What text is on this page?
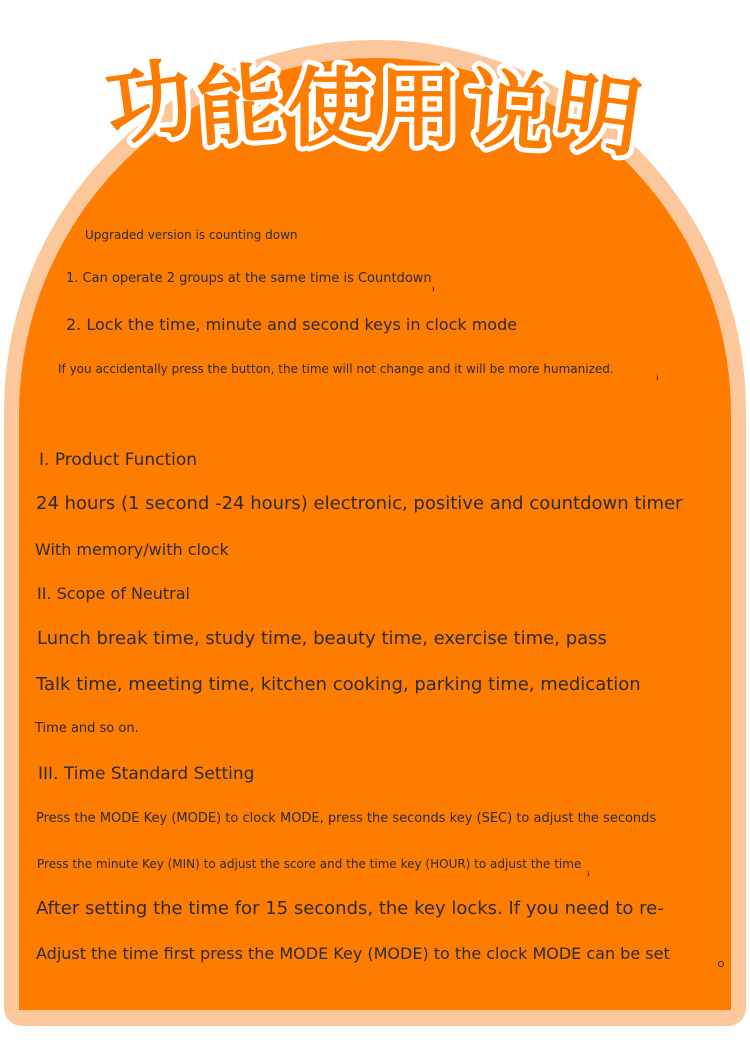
功能使用说明

Upgraded version is counting down

1. Can operate 2 groups at the same time is Countdown

2. Lock the time, minute and second keys in clock mode

If you accidentally press the button, the time will not change and it will be more humanized.

I. Product Function

24 hours (1 second -24 hours) electronic, positive and countdown timer

With memory/with clock

II. Scope of Neutral

Lunch break time, study time, beauty time, exercise time, pass

Talk time, meeting time, kitchen cooking, parking time, medication

Time and so on.

III. Time Standard Setting

Press the MODE Key (MODE) to clock MODE, press the seconds key (SEC) to adjust the seconds

Press the minute Key (MIN) to adjust the score and the time key (HOUR) to adjust the time

After setting the time for 15 seconds, the key locks. If you need to re-

Adjust the time first press the MODE Key (MODE) to the clock MODE can be set
